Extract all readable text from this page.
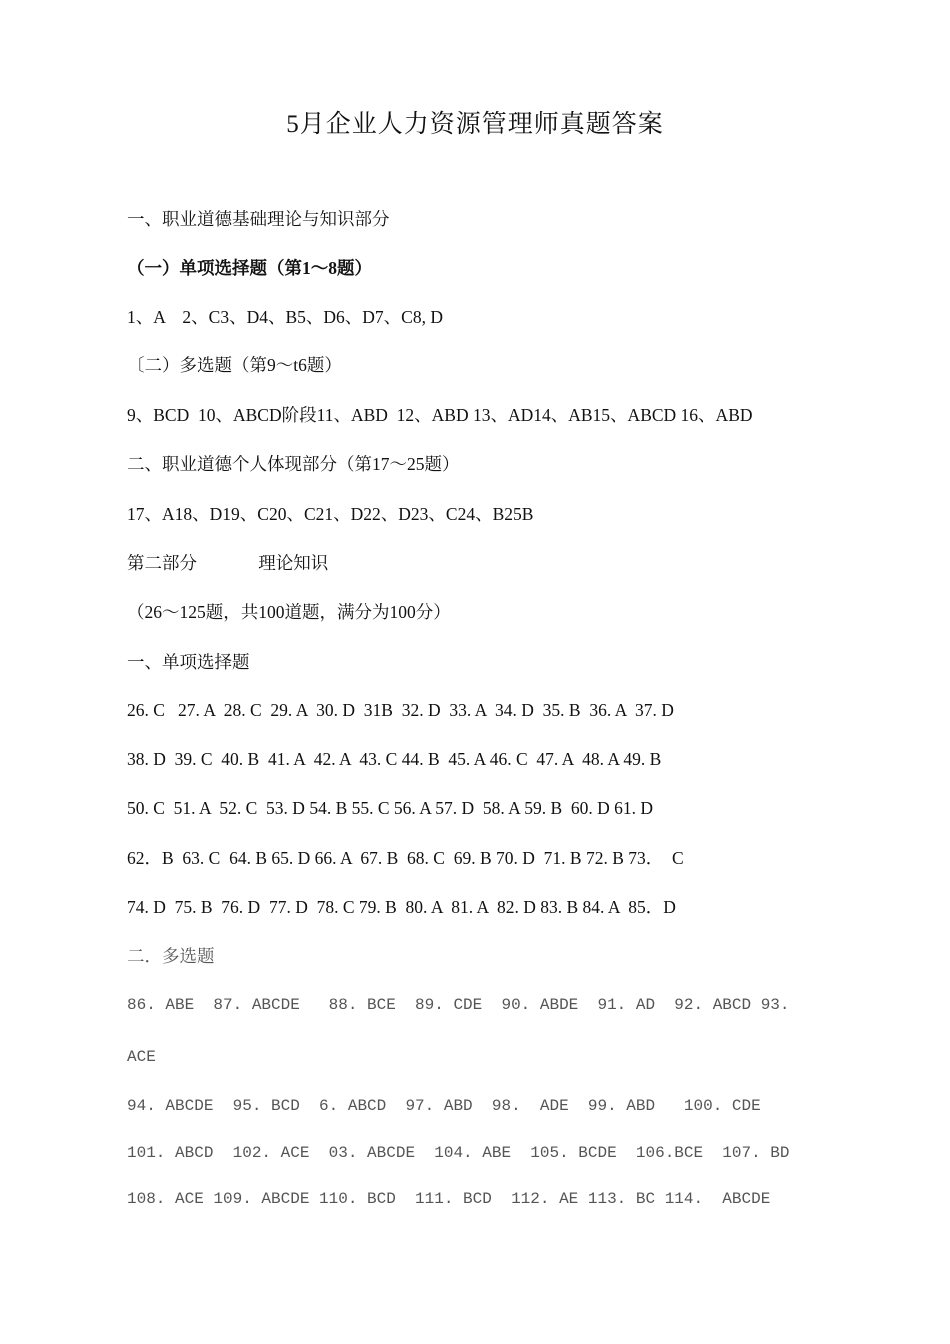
5月企业人力资源管理师真题答案
一、职业道德基础理论与知识部分
（一）单项选择题（第1～8题）
1、A    2、C3、D4、B5、D6、D7、C8, D
〔二）多选题（第9～t6题）
9、BCD  10、ABCD阶段11、ABD  12、ABD 13、AD14、AB15、ABCD 16、ABD
二、职业道德个人体现部分（第17～25题）
17、A18、D19、C20、C21、D22、D23、C24、B25B
第二部分              理论知识
（26～125题，共100道题，满分为100分）
一、单项选择题
26. C   27. A  28. C  29. A  30. D  31B  32. D  33. A  34. D  35. B  36. A  37. D
38. D  39. C  40. B  41. A  42. A  43. C 44. B  45. A 46. C  47. A  48. A 49. B
50. C  51. A  52. C  53. D 54. B 55. C 56. A 57. D  58. A 59. B  60. D 61. D
62．B  63. C  64. B 65. D 66. A  67. B  68. C  69. B 70. D  71. B 72. B 73．  C
74. D  75. B  76. D  77. D  78. C 79. B  80. A  81. A  82. D 83. B 84. A  85．D
二．多选题
86. ABE  87. ABCDE   88. BCE  89. CDE  90. ABDE  91. AD  92. ABCD 93.
ACE
94. ABCDE  95. BCD  6. ABCD  97. ABD  98.  ADE  99. ABD   100. CDE
101. ABCD  102. ACE  03. ABCDE  104. ABE  105. BCDE  106.BCE  107. BD
108. ACE 109. ABCDE 110. BCD  111. BCD  112. AE 113. BC 114.  ABCDE
